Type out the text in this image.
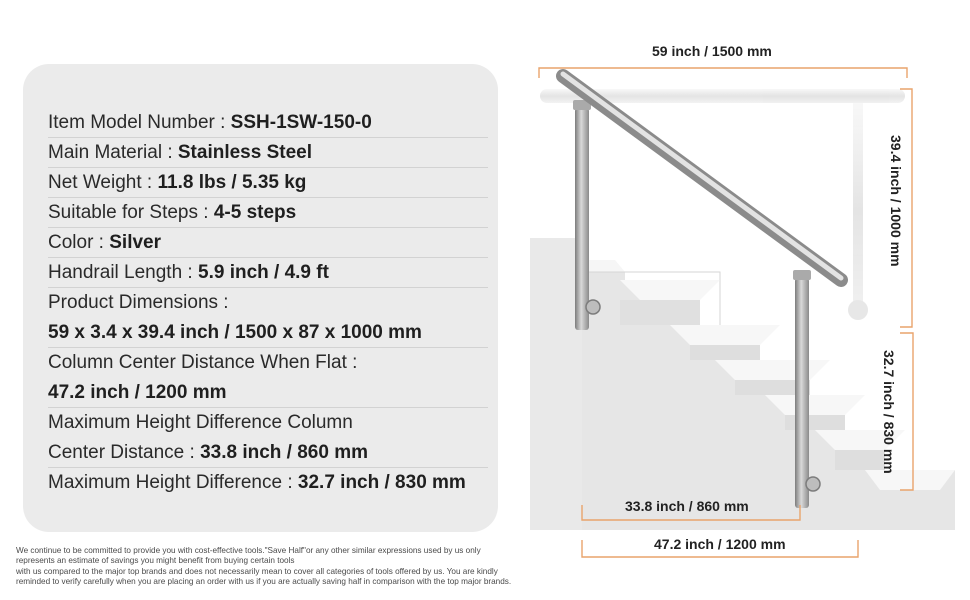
Item Model Number : SSH-1SW-150-0
Main Material : Stainless Steel
Net Weight : 11.8 lbs / 5.35 kg
Suitable for Steps : 4-5 steps
Color : Silver
Handrail Length : 5.9 inch / 4.9 ft
Product Dimensions :
59 x 3.4 x 39.4 inch / 1500 x 87 x 1000 mm
Column Center Distance When Flat :
47.2 inch / 1200 mm
Maximum Height Difference Column
Center Distance : 33.8 inch / 860 mm
Maximum Height Difference : 32.7 inch / 830 mm
59 inch / 1500 mm
39.4 inch / 1000 mm
32.7 inch / 830 mm
33.8 inch / 860 mm
47.2 inch / 1200 mm
We continue to be committed to provide you with cost-effective tools."Save Half"or any other similar expressions used by us only
represents an estimate of savings you might benefit from buying certain tools
with us compared to the major top brands and does not necessarily mean to cover all categories of tools offered by us. You are kindly
reminded to verify carefully when you are placing an order with us if you are actually saving half in comparison with the top major brands.
